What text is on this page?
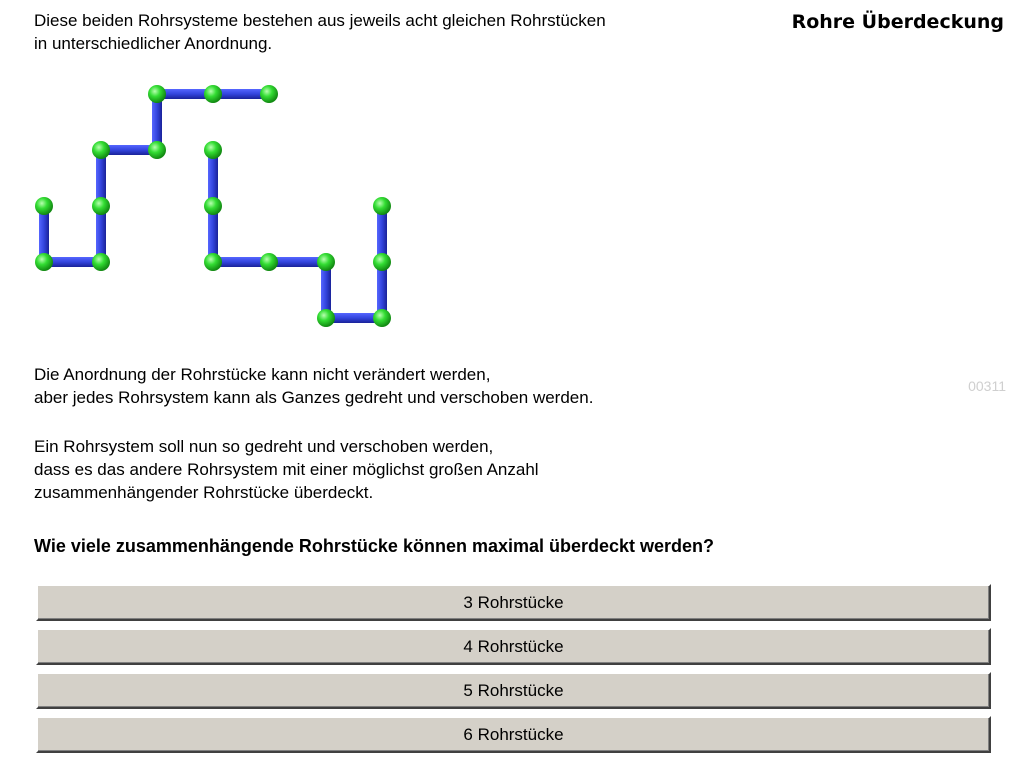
Diese beiden Rohrsysteme bestehen aus jeweils acht gleichen Rohrstücken
in unterschiedlicher Anordnung.
Rohre Überdeckung
Die Anordnung der Rohrstücke kann nicht verändert werden,
aber jedes Rohrsystem kann als Ganzes gedreht und verschoben werden.
00311
Ein Rohrsystem soll nun so gedreht und verschoben werden,
dass es das andere Rohrsystem mit einer möglichst großen Anzahl
zusammenhängender Rohrstücke überdeckt.
Wie viele zusammenhängende Rohrstücke können maximal überdeckt werden?
3 Rohrstücke
4 Rohrstücke
5 Rohrstücke
6 Rohrstücke
